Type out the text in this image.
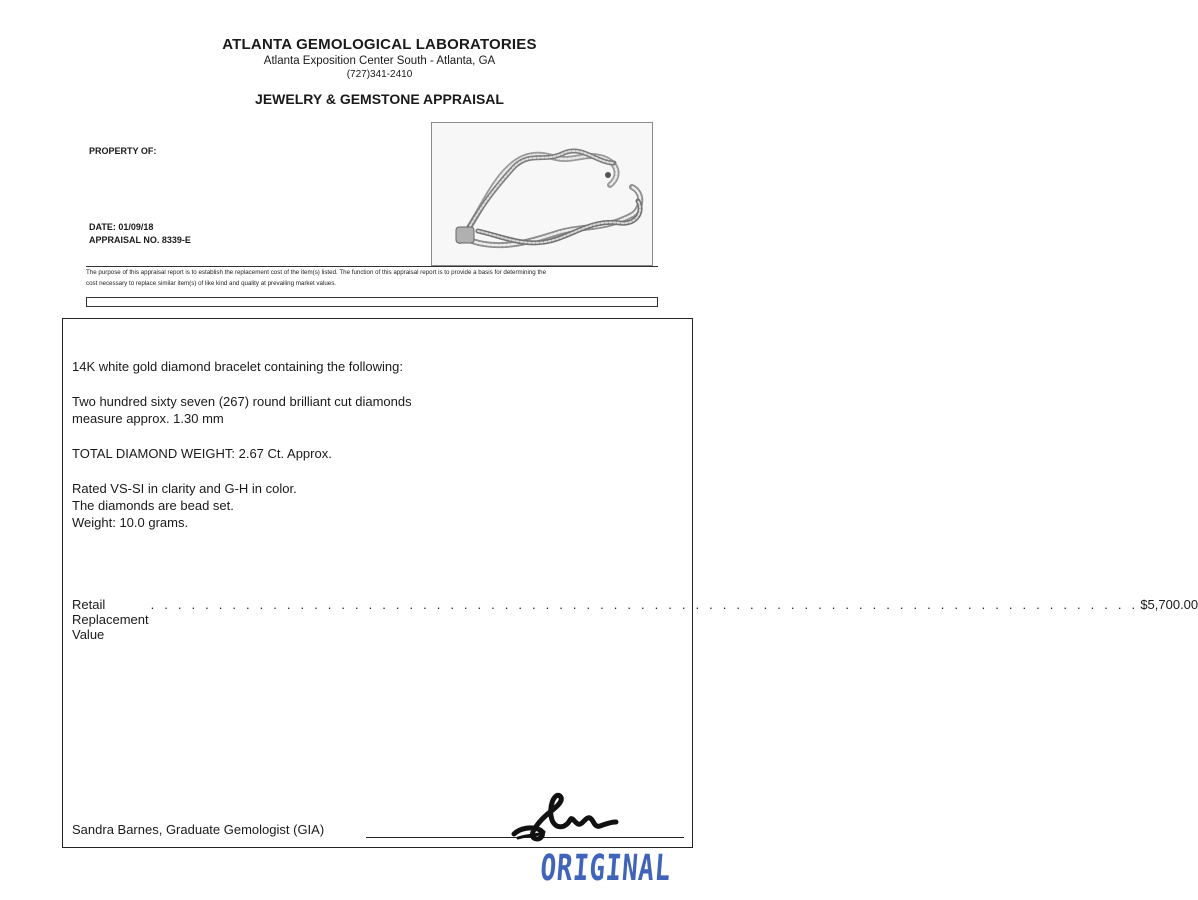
ATLANTA GEMOLOGICAL LABORATORIES
Atlanta Exposition Center South - Atlanta, GA
(727)341-2410
JEWELRY & GEMSTONE APPRAISAL
PROPERTY OF:
DATE: 01/09/18
APPRAISAL NO. 8339-E
The purpose of this appraisal report is to establish the replacement cost of the item(s) listed. The function of this appraisal report is to provide a basis for determining the
cost necessary to replace similar item(s) of like kind and quality at prevailing market values.
14K white gold diamond bracelet containing the following:
Two hundred sixty seven (267) round brilliant cut diamonds
measure approx. 1.30 mm
TOTAL DIAMOND WEIGHT: 2.67 Ct. Approx.
Rated VS-SI in clarity and G-H in color.
The diamonds are bead set.
Weight: 10.0 grams.
Retail Replacement Value
. . . . . . . . . . . . . . . . . . . . . . . . . . . . . . . . . . . . . . . . . . . . . . . . . . . . . . . . . . . . . . . . . . . . . . . . . $5,700.00
Sandra Barnes, Graduate Gemologist (GIA)
ORIGINAL
